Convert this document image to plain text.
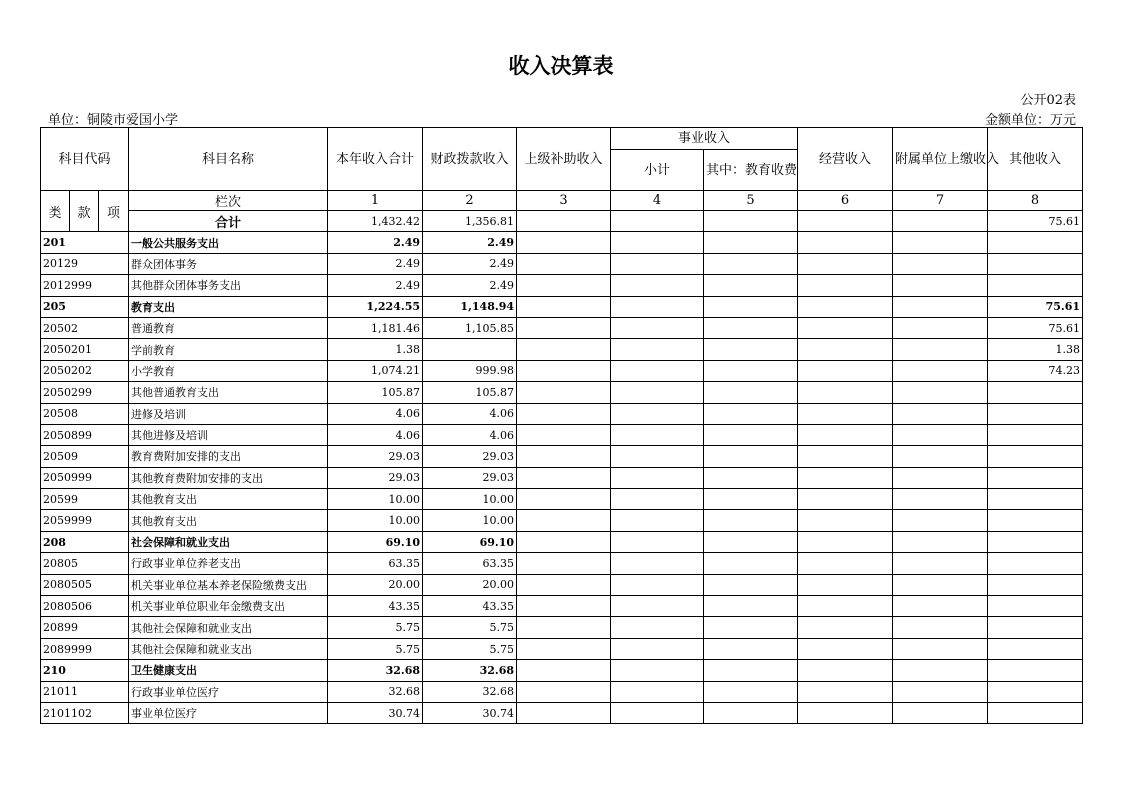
收入决算表
公开02表
单位：铜陵市爱国小学	金额单位：万元
科目代码			科目名称	本年收入合计	财政拨款收入	上级补助收入	事业收入		经营收入	附属单位上缴收入	其他收入
							小计	其中：教育收费			
类	款	项	栏次	1	2	3	4	5	6	7	8
			合计	1,432.42	1,356.81						75.61
201			一般公共服务支出	2.49	2.49						
20129			群众团体事务	2.49	2.49						
2012999			其他群众团体事务支出	2.49	2.49						
205			教育支出	1,224.55	1,148.94						75.61
20502			普通教育	1,181.46	1,105.85						75.61
2050201			学前教育	1.38							1.38
2050202			小学教育	1,074.21	999.98						74.23
2050299			其他普通教育支出	105.87	105.87						
20508			进修及培训	4.06	4.06						
2050899			其他进修及培训	4.06	4.06						
20509			教育费附加安排的支出	29.03	29.03						
2050999			其他教育费附加安排的支出	29.03	29.03						
20599			其他教育支出	10.00	10.00						
2059999			其他教育支出	10.00	10.00						
208			社会保障和就业支出	69.10	69.10						
20805			行政事业单位养老支出	63.35	63.35						
2080505			机关事业单位基本养老保险缴费支出	20.00	20.00						
2080506			机关事业单位职业年金缴费支出	43.35	43.35						
20899			其他社会保障和就业支出	5.75	5.75						
2089999			其他社会保障和就业支出	5.75	5.75						
210			卫生健康支出	32.68	32.68						
21011			行政事业单位医疗	32.68	32.68						
2101102			事业单位医疗	30.74	30.74						
